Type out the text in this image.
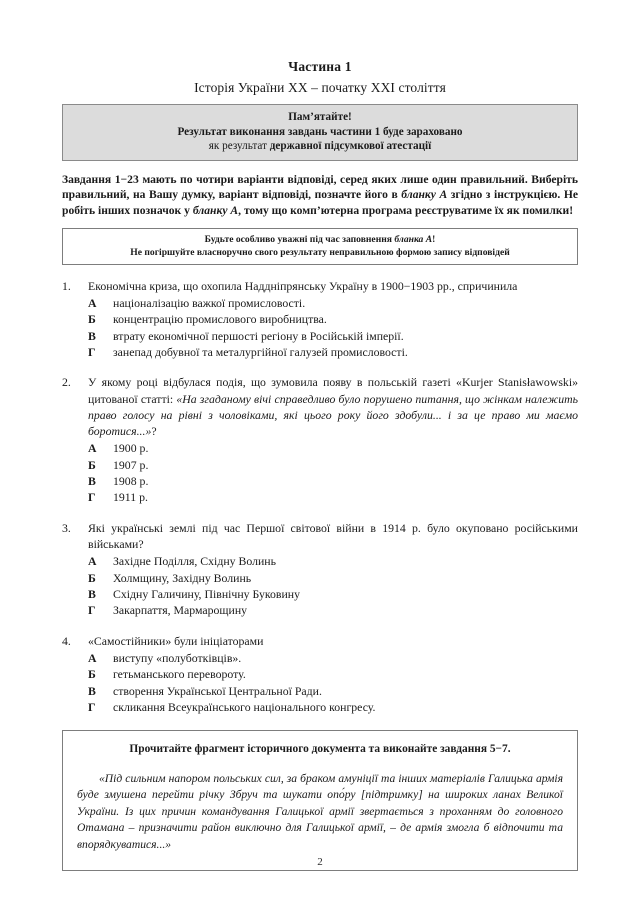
Частина 1
Історія України XX – початку XXI століття
Пам’ятайте!
Результат виконання завдань частини 1 буде зараховано
як результат державної підсумкової атестації
Завдання 1−23 мають по чотири варіанти відповіді, серед яких лише один правильний. Виберіть правильний, на Вашу думку, варіант відповіді, позначте його в бланку А згідно з інструкцією. Не робіть інших позначок у бланку А, тому що комп’ютерна програма реєструватиме їх як помилки!
Будьте особливо уважні під час заповнення бланка А!
Не погіршуйте власноручно свого результату неправильною формою запису відповідей
1.	Економічна криза, що охопила Наддніпрянську Україну в 1900−1903 рр., спричинила
А	націоналізацію важкої промисловості.
Б	концентрацію промислового виробництва.
В	втрату економічної першості регіону в Російській імперії.
Г	занепад добувної та металургійної галузей промисловості.
2.	У якому році відбулася подія, що зумовила появу в польській газеті «Kurjer Stanisławowski» цитованої статті: «На згаданому вічі справедливо було порушено питання, що жінкам належить право голосу на рівні з чоловіками, які цього року його здобули... і за це право ми маємо боротися...»?
А	1900 р.
Б	1907 р.
В	1908 р.
Г	1911 р.
3.	Які українські землі під час Першої світової війни в 1914 р. було окуповано російськими військами?
А	Західне Поділля, Східну Волинь
Б	Холмщину, Західну Волинь
В	Східну Галичину, Північну Буковину
Г	Закарпаття, Мармарощину
4.	«Самостійники» були ініціаторами
А	виступу «полуботківців».
Б	гетьманського перевороту.
В	створення Української Центральної Ради.
Г	скликання Всеукраїнського національного конгресу.
Прочитайте фрагмент історичного документа та виконайте завдання 5−7.
«Під сильним напором польських сил, за браком амуніції та інших матеріалів Галицька армія буде змушена перейти річку Збруч та шукати опо́ру [підтримку] на широких ланах Великої України. Із цих причин командування Галицької армії звертається з проханням до головного Отамана – призначити район виключно для Галицької армії, – де армія змогла б відпочити та впорядкуватися...»
2
